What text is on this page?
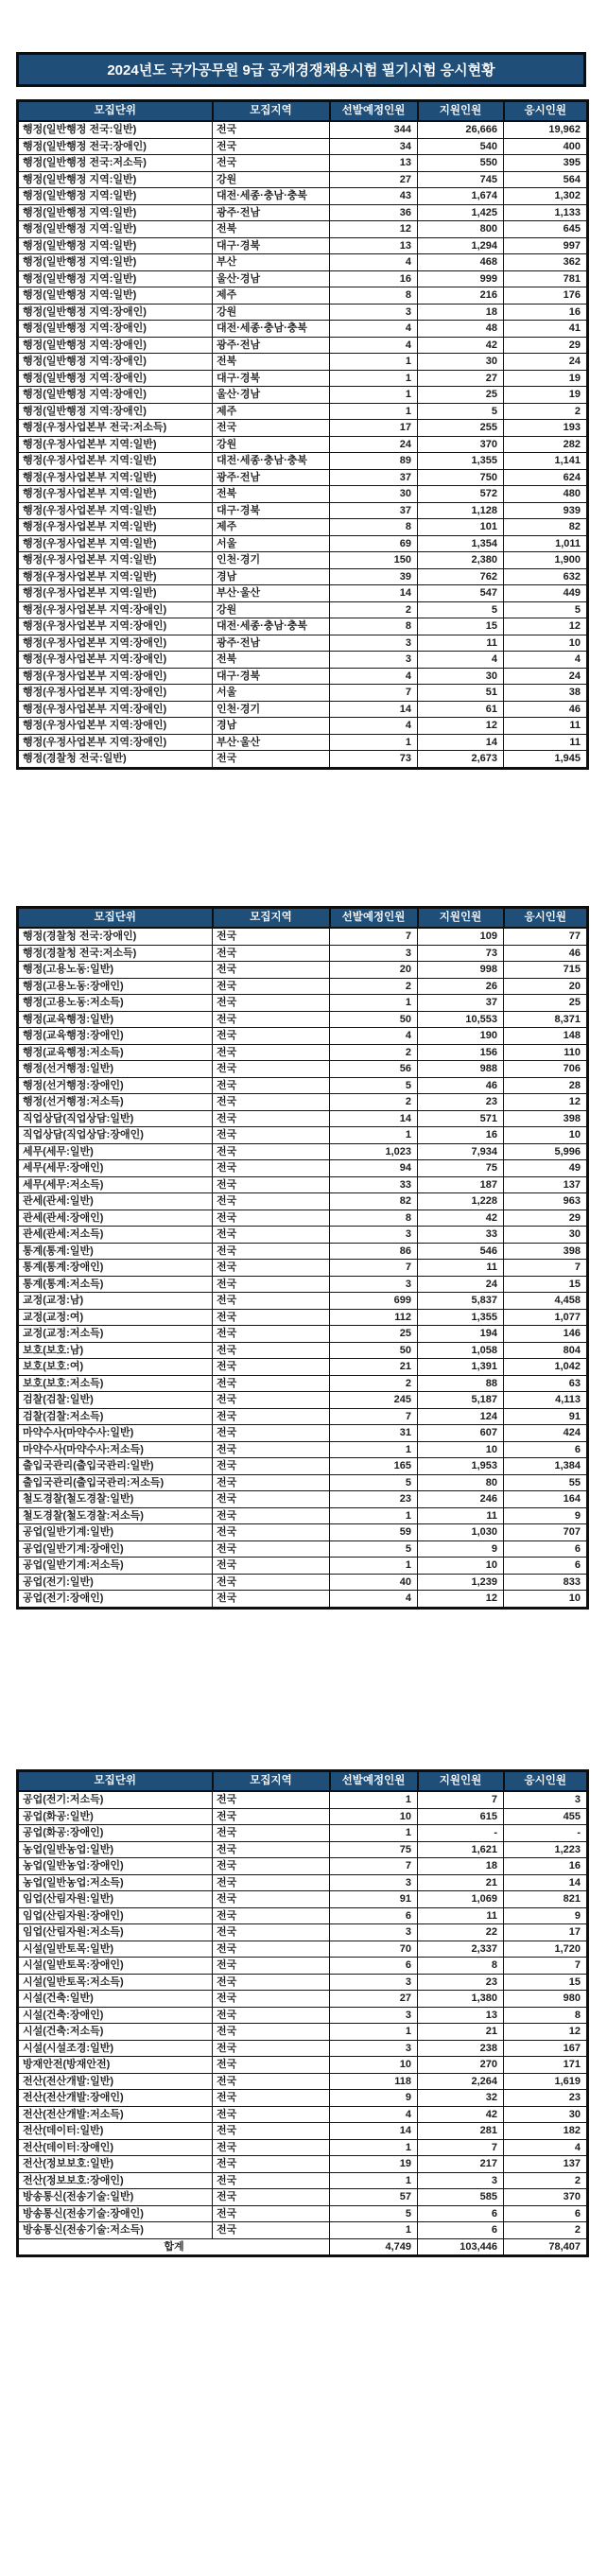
2024년도 국가공무원 9급 공개경쟁채용시험 필기시험 응시현황
모집단위	모집지역	선발예정인원	지원인원	응시인원
행정(일반행정 전국:일반)	전국	344	26,666	19,962
행정(일반행정 전국:장애인)	전국	34	540	400
행정(일반행정 전국:저소득)	전국	13	550	395
행정(일반행정 지역:일반)	강원	27	745	564
행정(일반행정 지역:일반)	대전·세종·충남·충북	43	1,674	1,302
행정(일반행정 지역:일반)	광주·전남	36	1,425	1,133
행정(일반행정 지역:일반)	전북	12	800	645
행정(일반행정 지역:일반)	대구·경북	13	1,294	997
행정(일반행정 지역:일반)	부산	4	468	362
행정(일반행정 지역:일반)	울산·경남	16	999	781
행정(일반행정 지역:일반)	제주	8	216	176
행정(일반행정 지역:장애인)	강원	3	18	16
행정(일반행정 지역:장애인)	대전·세종·충남·충북	4	48	41
행정(일반행정 지역:장애인)	광주·전남	4	42	29
행정(일반행정 지역:장애인)	전북	1	30	24
행정(일반행정 지역:장애인)	대구·경북	1	27	19
행정(일반행정 지역:장애인)	울산·경남	1	25	19
행정(일반행정 지역:장애인)	제주	1	5	2
행정(우정사업본부 전국:저소득)	전국	17	255	193
행정(우정사업본부 지역:일반)	강원	24	370	282
행정(우정사업본부 지역:일반)	대전·세종·충남·충북	89	1,355	1,141
행정(우정사업본부 지역:일반)	광주·전남	37	750	624
행정(우정사업본부 지역:일반)	전북	30	572	480
행정(우정사업본부 지역:일반)	대구·경북	37	1,128	939
행정(우정사업본부 지역:일반)	제주	8	101	82
행정(우정사업본부 지역:일반)	서울	69	1,354	1,011
행정(우정사업본부 지역:일반)	인천·경기	150	2,380	1,900
행정(우정사업본부 지역:일반)	경남	39	762	632
행정(우정사업본부 지역:일반)	부산·울산	14	547	449
행정(우정사업본부 지역:장애인)	강원	2	5	5
행정(우정사업본부 지역:장애인)	대전·세종·충남·충북	8	15	12
행정(우정사업본부 지역:장애인)	광주·전남	3	11	10
행정(우정사업본부 지역:장애인)	전북	3	4	4
행정(우정사업본부 지역:장애인)	대구·경북	4	30	24
행정(우정사업본부 지역:장애인)	서울	7	51	38
행정(우정사업본부 지역:장애인)	인천·경기	14	61	46
행정(우정사업본부 지역:장애인)	경남	4	12	11
행정(우정사업본부 지역:장애인)	부산·울산	1	14	11
행정(경찰청 전국:일반)	전국	73	2,673	1,945
모집단위	모집지역	선발예정인원	지원인원	응시인원
행정(경찰청 전국:장애인)	전국	7	109	77
행정(경찰청 전국:저소득)	전국	3	73	46
행정(고용노동:일반)	전국	20	998	715
행정(고용노동:장애인)	전국	2	26	20
행정(고용노동:저소득)	전국	1	37	25
행정(교육행정:일반)	전국	50	10,553	8,371
행정(교육행정:장애인)	전국	4	190	148
행정(교육행정:저소득)	전국	2	156	110
행정(선거행정:일반)	전국	56	988	706
행정(선거행정:장애인)	전국	5	46	28
행정(선거행정:저소득)	전국	2	23	12
직업상담(직업상담:일반)	전국	14	571	398
직업상담(직업상담:장애인)	전국	1	16	10
세무(세무:일반)	전국	1,023	7,934	5,996
세무(세무:장애인)	전국	94	75	49
세무(세무:저소득)	전국	33	187	137
관세(관세:일반)	전국	82	1,228	963
관세(관세:장애인)	전국	8	42	29
관세(관세:저소득)	전국	3	33	30
통계(통계:일반)	전국	86	546	398
통계(통계:장애인)	전국	7	11	7
통계(통계:저소득)	전국	3	24	15
교정(교정:남)	전국	699	5,837	4,458
교정(교정:여)	전국	112	1,355	1,077
교정(교정:저소득)	전국	25	194	146
보호(보호:남)	전국	50	1,058	804
보호(보호:여)	전국	21	1,391	1,042
보호(보호:저소득)	전국	2	88	63
검찰(검찰:일반)	전국	245	5,187	4,113
검찰(검찰:저소득)	전국	7	124	91
마약수사(마약수사:일반)	전국	31	607	424
마약수사(마약수사:저소득)	전국	1	10	6
출입국관리(출입국관리:일반)	전국	165	1,953	1,384
출입국관리(출입국관리:저소득)	전국	5	80	55
철도경찰(철도경찰:일반)	전국	23	246	164
철도경찰(철도경찰:저소득)	전국	1	11	9
공업(일반기계:일반)	전국	59	1,030	707
공업(일반기계:장애인)	전국	5	9	6
공업(일반기계:저소득)	전국	1	10	6
공업(전기:일반)	전국	40	1,239	833
공업(전기:장애인)	전국	4	12	10
모집단위	모집지역	선발예정인원	지원인원	응시인원
공업(전기:저소득)	전국	1	7	3
공업(화공:일반)	전국	10	615	455
공업(화공:장애인)	전국	1	-	-
농업(일반농업:일반)	전국	75	1,621	1,223
농업(일반농업:장애인)	전국	7	18	16
농업(일반농업:저소득)	전국	3	21	14
임업(산림자원:일반)	전국	91	1,069	821
임업(산림자원:장애인)	전국	6	11	9
임업(산림자원:저소득)	전국	3	22	17
시설(일반토목:일반)	전국	70	2,337	1,720
시설(일반토목:장애인)	전국	6	8	7
시설(일반토목:저소득)	전국	3	23	15
시설(건축:일반)	전국	27	1,380	980
시설(건축:장애인)	전국	3	13	8
시설(건축:저소득)	전국	1	21	12
시설(시설조경:일반)	전국	3	238	167
방재안전(방재안전)	전국	10	270	171
전산(전산개발:일반)	전국	118	2,264	1,619
전산(전산개발:장애인)	전국	9	32	23
전산(전산개발:저소득)	전국	4	42	30
전산(데이터:일반)	전국	14	281	182
전산(데이터:장애인)	전국	1	7	4
전산(정보보호:일반)	전국	19	217	137
전산(정보보호:장애인)	전국	1	3	2
방송통신(전송기술:일반)	전국	57	585	370
방송통신(전송기술:장애인)	전국	5	6	6
방송통신(전송기술:저소득)	전국	1	6	2
합계		4,749	103,446	78,407
